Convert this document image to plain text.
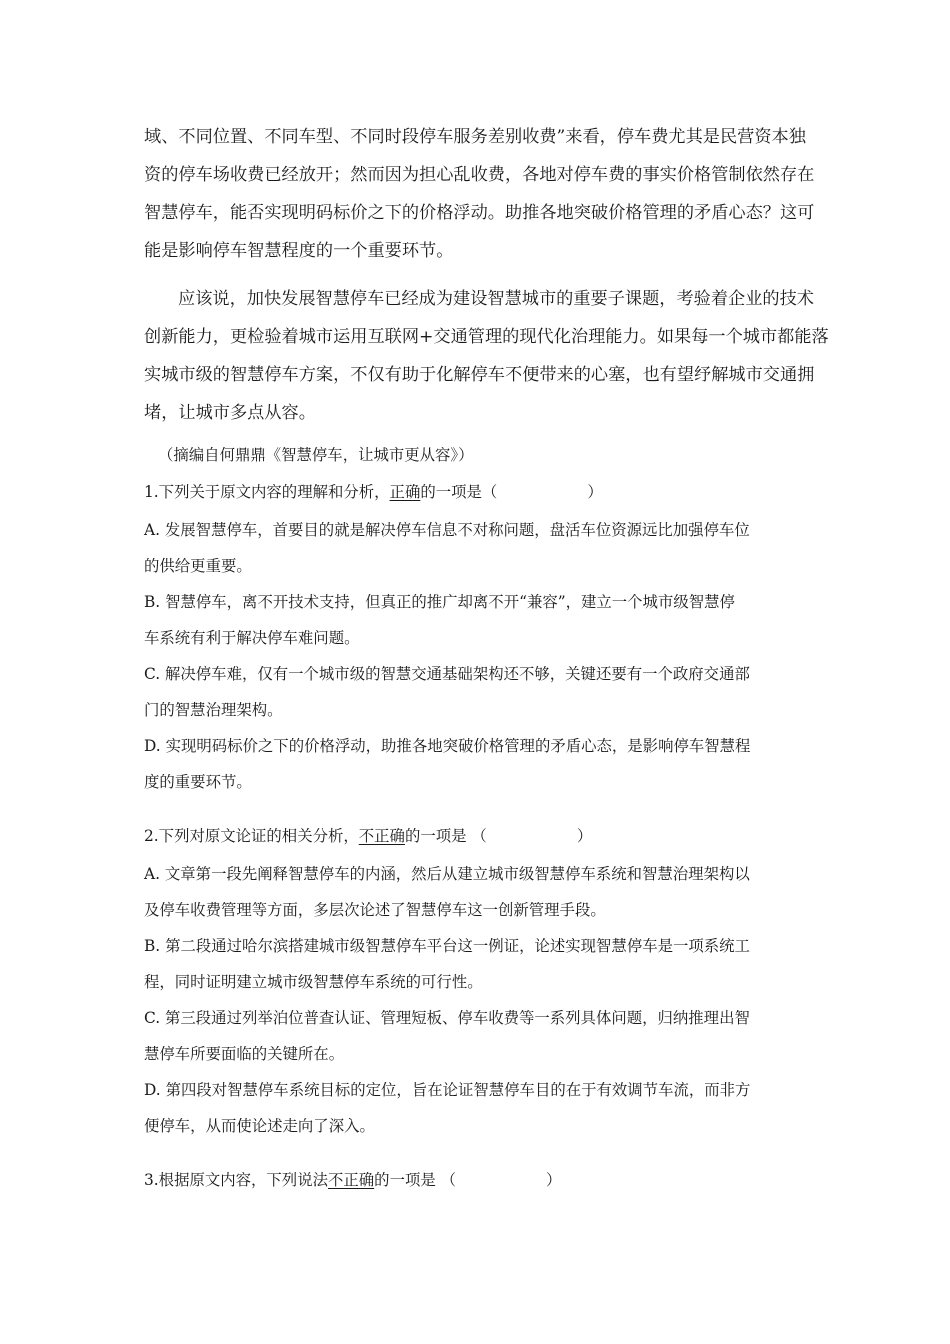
域、不同位置、不同车型、不同时段停车服务差别收费”来看，停车费尤其是民营资本独
资的停车场收费已经放开；然而因为担心乱收费，各地对停车费的事实价格管制依然存在
智慧停车，能否实现明码标价之下的价格浮动。助推各地突破价格管理的矛盾心态？这可
能是影响停车智慧程度的一个重要环节。
应该说，加快发展智慧停车已经成为建设智慧城市的重要子课题，考验着企业的技术
创新能力，更检验着城市运用互联网+交通管理的现代化治理能力。如果每一个城市都能落
实城市级的智慧停车方案，不仅有助于化解停车不便带来的心塞，也有望纾解城市交通拥
堵，让城市多点从容。
（摘编自何鼎鼎《智慧停车，让城市更从容》）
1.下列关于原文内容的理解和分析，正确的一项是（	）
A. 发展智慧停车，首要目的就是解决停车信息不对称问题，盘活车位资源远比加强停车位
的供给更重要。
B. 智慧停车，离不开技术支持，但真正的推广却离不开“兼容”，建立一个城市级智慧停
车系统有利于解决停车难问题。
C. 解决停车难，仅有一个城市级的智慧交通基础架构还不够，关键还要有一个政府交通部
门的智慧治理架构。
D. 实现明码标价之下的价格浮动，助推各地突破价格管理的矛盾心态，是影响停车智慧程
度的重要环节。
2.下列对原文论证的相关分析，不正确的一项是 （	）
A. 文章第一段先阐释智慧停车的内涵，然后从建立城市级智慧停车系统和智慧治理架构以
及停车收费管理等方面，多层次论述了智慧停车这一创新管理手段。
B. 第二段通过哈尔滨搭建城市级智慧停车平台这一例证，论述实现智慧停车是一项系统工
程，同时证明建立城市级智慧停车系统的可行性。
C. 第三段通过列举泊位普查认证、管理短板、停车收费等一系列具体问题，归纳推理出智
慧停车所要面临的关键所在。
D. 第四段对智慧停车系统目标的定位，旨在论证智慧停车目的在于有效调节车流，而非方
便停车，从而使论述走向了深入。
3.根据原文内容，下列说法不正确的一项是 （	）
